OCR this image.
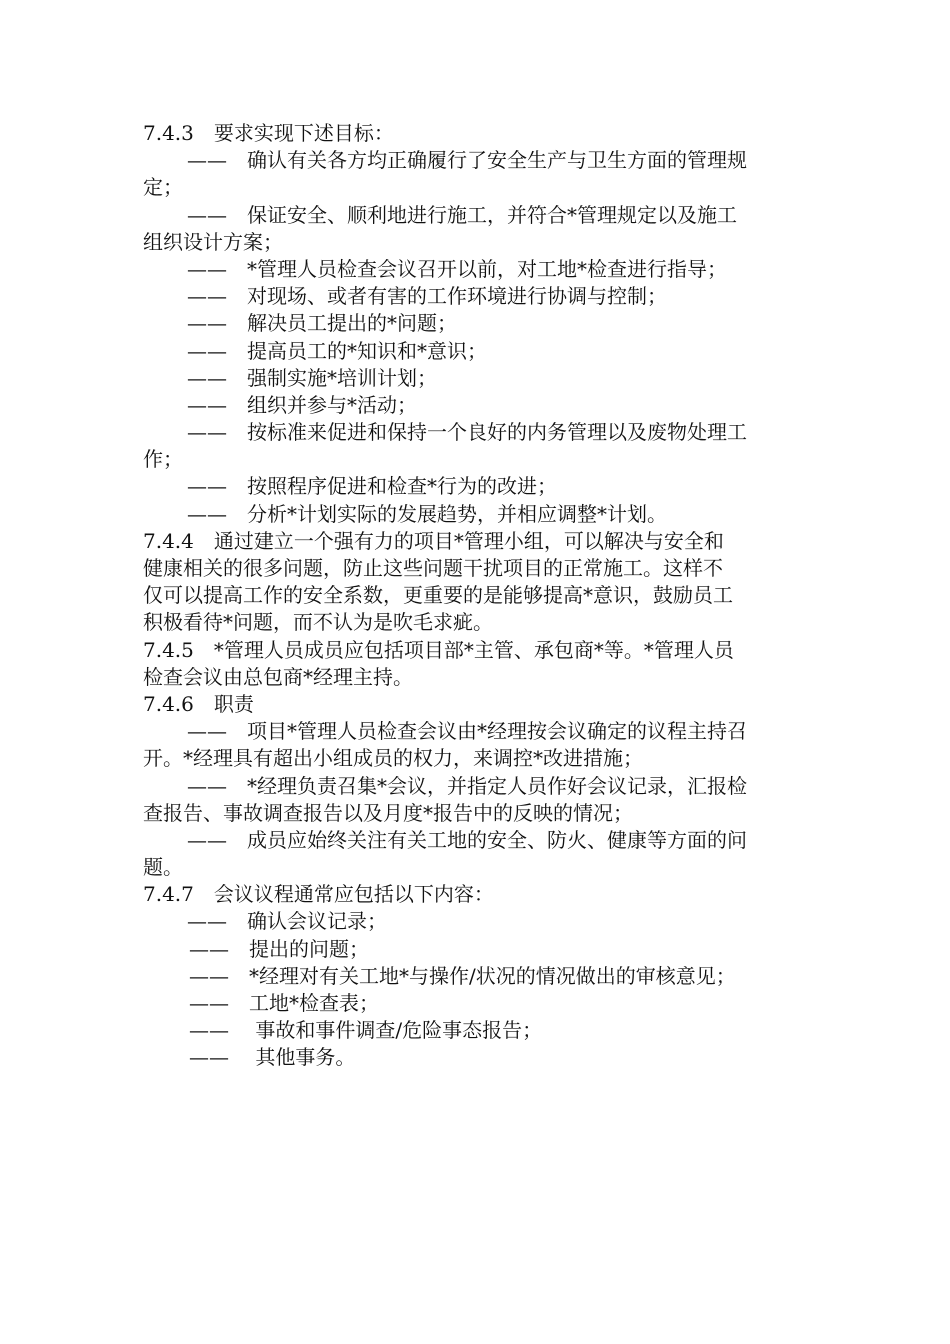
7.4.3　要求实现下述目标：
——　确认有关各方均正确履行了安全生产与卫生方面的管理规
定；
——　保证安全、顺利地进行施工，并符合*管理规定以及施工
组织设计方案；
——　*管理人员检查会议召开以前，对工地*检查进行指导；
——　对现场、或者有害的工作环境进行协调与控制；
——　解决员工提出的*问题；
——　提高员工的*知识和*意识；
——　强制实施*培训计划；
——　组织并参与*活动；
——　按标准来促进和保持一个良好的内务管理以及废物处理工
作；
——　按照程序促进和检查*行为的改进；
——　分析*计划实际的发展趋势，并相应调整*计划。
7.4.4　通过建立一个强有力的项目*管理小组，可以解决与安全和
健康相关的很多问题，防止这些问题干扰项目的正常施工。这样不
仅可以提高工作的安全系数，更重要的是能够提高*意识，鼓励员工
积极看待*问题，而不认为是吹毛求疵。
7.4.5　*管理人员成员应包括项目部*主管、承包商*等。*管理人员
检查会议由总包商*经理主持。
7.4.6　职责
——　项目*管理人员检查会议由*经理按会议确定的议程主持召
开。*经理具有超出小组成员的权力，来调控*改进措施；
——　*经理负责召集*会议，并指定人员作好会议记录，汇报检
查报告、事故调查报告以及月度*报告中的反映的情况；
——　成员应始终关注有关工地的安全、防火、健康等方面的问
题。
7.4.7　会议议程通常应包括以下内容：
——　确认会议记录；
——　提出的问题；
——　*经理对有关工地*与操作/状况的情况做出的审核意见；
——　工地*检查表；
——　 事故和事件调查/危险事态报告；
——　 其他事务。
